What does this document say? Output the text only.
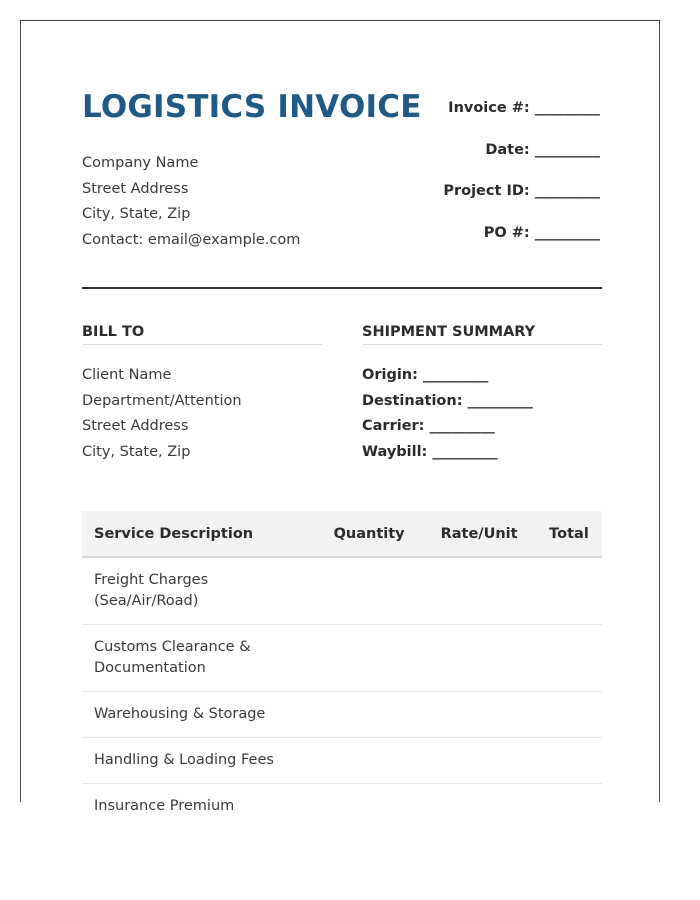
LOGISTICS INVOICE
Company Name
Street Address
City, State, Zip
Contact: email@example.com
Invoice #: _________
Date: _________
Project ID: _________
PO #: _________
BILL TO	SHIPMENT SUMMARY
Client Name
Department/Attention
Street Address
City, State, Zip
Origin: _________
Destination: _________
Carrier: _________
Waybill: _________
Service Description	Quantity	Rate/Unit	Total
Freight Charges (Sea/Air/Road)			
Customs Clearance & Documentation			
Warehousing & Storage			
Handling & Loading Fees			
Insurance Premium			
